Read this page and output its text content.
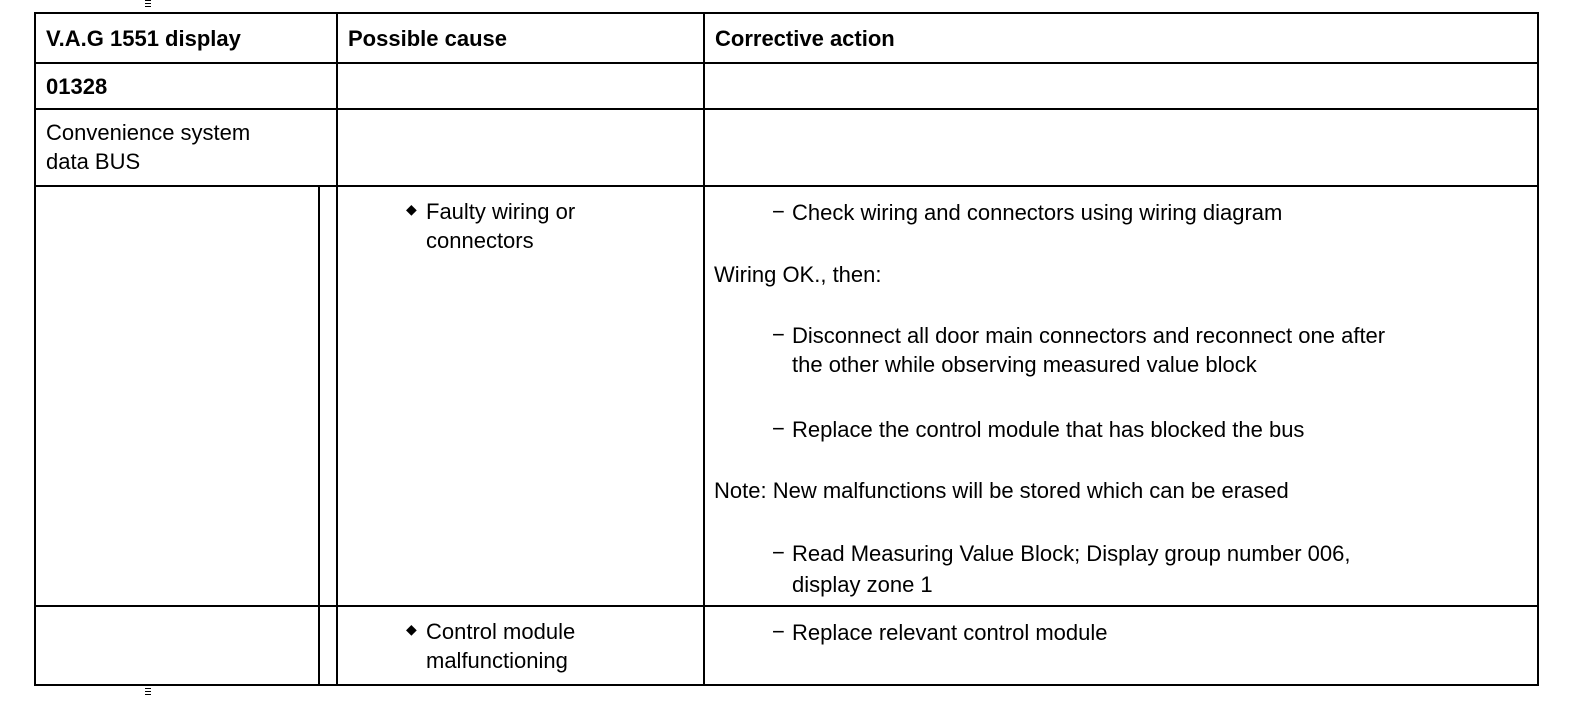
V.A.G 1551 display	Possible cause	Corrective action
01328
Convenience system
data BUS
◆ Faulty wiring or
connectors
− Check wiring and connectors using wiring diagram
Wiring OK., then:
− Disconnect all door main connectors and reconnect one after
the other while observing measured value block
− Replace the control module that has blocked the bus
Note: New malfunctions will be stored which can be erased
− Read Measuring Value Block; Display group number 006,
display zone 1
◆ Control module
malfunctioning
− Replace relevant control module
